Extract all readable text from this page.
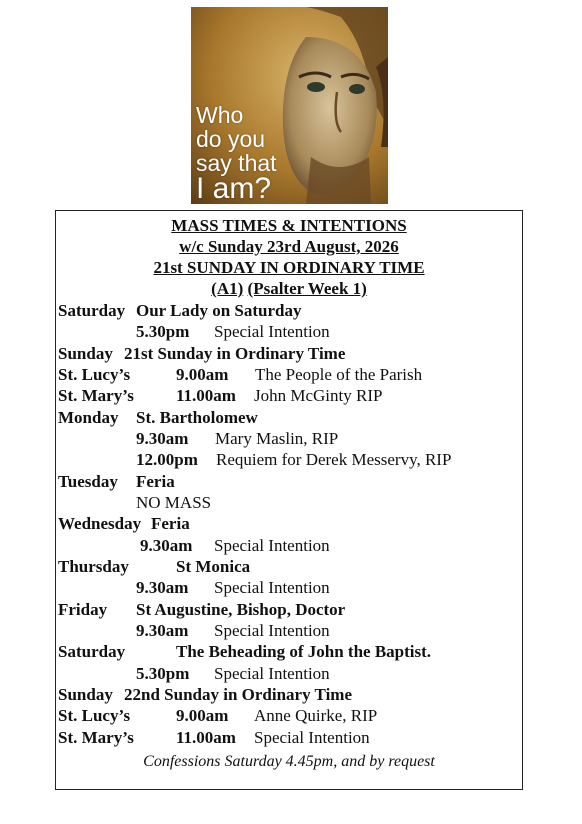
Who
do you
say that
I am?
MASS TIMES & INTENTIONS
w/c Sunday 23rd August, 2026
21st SUNDAY IN ORDINARY TIME
(A1) (Psalter Week 1)
Saturday Our Lady on Saturday
5.30pm Special Intention
Sunday 21st Sunday in Ordinary Time
St. Lucy’s	9.00am The People of the Parish
St. Mary’s 11.00am John McGinty RIP
Monday St. Bartholomew
9.30am Mary Maslin, RIP
12.00pm Requiem for Derek Messervy, RIP
Tuesday Feria
NO MASS
Wednesday Feria
9.30am Special Intention
Thursday	St Monica
9.30am Special Intention
Friday St Augustine, Bishop, Doctor
9.30am Special Intention
Saturday	The Beheading of John the Baptist.
5.30pm Special Intention
Sunday 22nd Sunday in Ordinary Time
St. Lucy’s	9.00am Anne Quirke, RIP
St. Mary’s 11.00am Special Intention
Confessions Saturday 4.45pm, and by request
